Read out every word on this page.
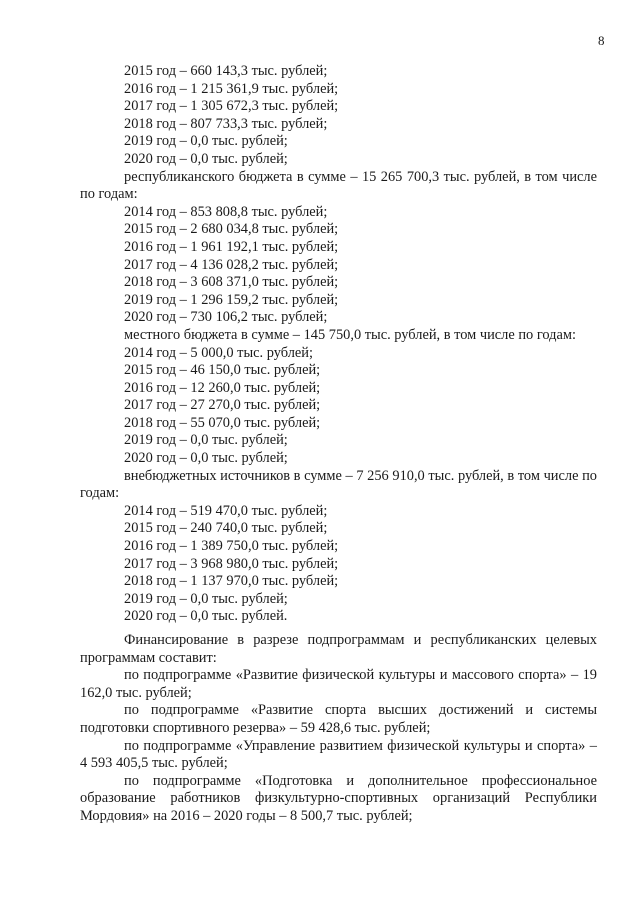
8

2015 год – 660 143,3 тыс. рублей;

2016 год – 1 215 361,9 тыс. рублей;

2017 год – 1 305 672,3 тыс. рублей;

2018 год – 807 733,3 тыс. рублей;

2019 год – 0,0 тыс. рублей;

2020 год – 0,0 тыс. рублей;

республиканского бюджета в сумме – 15 265 700,3 тыс. рублей, в том числе по годам:

2014 год – 853 808,8 тыс. рублей;

2015 год – 2 680 034,8 тыс. рублей;

2016 год – 1 961 192,1 тыс. рублей;

2017 год – 4 136 028,2 тыс. рублей;

2018 год – 3 608 371,0 тыс. рублей;

2019 год – 1 296 159,2 тыс. рублей;

2020 год – 730 106,2 тыс. рублей;

местного бюджета в сумме – 145 750,0 тыс. рублей, в том числе по годам:

2014 год – 5 000,0 тыс. рублей;

2015 год – 46 150,0 тыс. рублей;

2016 год – 12 260,0 тыс. рублей;

2017 год – 27 270,0 тыс. рублей;

2018 год – 55 070,0 тыс. рублей;

2019 год – 0,0 тыс. рублей;

2020 год – 0,0 тыс. рублей;

внебюджетных источников в сумме – 7 256 910,0 тыс. рублей, в том числе по годам:

2014 год – 519 470,0 тыс. рублей;

2015 год – 240 740,0 тыс. рублей;

2016 год – 1 389 750,0 тыс. рублей;

2017 год – 3 968 980,0 тыс. рублей;

2018 год – 1 137 970,0 тыс. рублей;

2019 год – 0,0 тыс. рублей;

2020 год – 0,0 тыс. рублей.

Финансирование в разрезе подпрограммам и республиканских целевых программам составит:

по подпрограмме «Развитие физической культуры и массового спорта» – 19 162,0 тыс. рублей;

по подпрограмме «Развитие спорта высших достижений и системы подготовки спортивного резерва» – 59 428,6 тыс. рублей;

по подпрограмме «Управление развитием физической культуры и спорта» – 4 593 405,5 тыс. рублей;

по подпрограмме «Подготовка и дополнительное профессиональное образование работников физкультурно-спортивных организаций Республики Мордовия» на 2016 – 2020 годы – 8 500,7 тыс. рублей;
